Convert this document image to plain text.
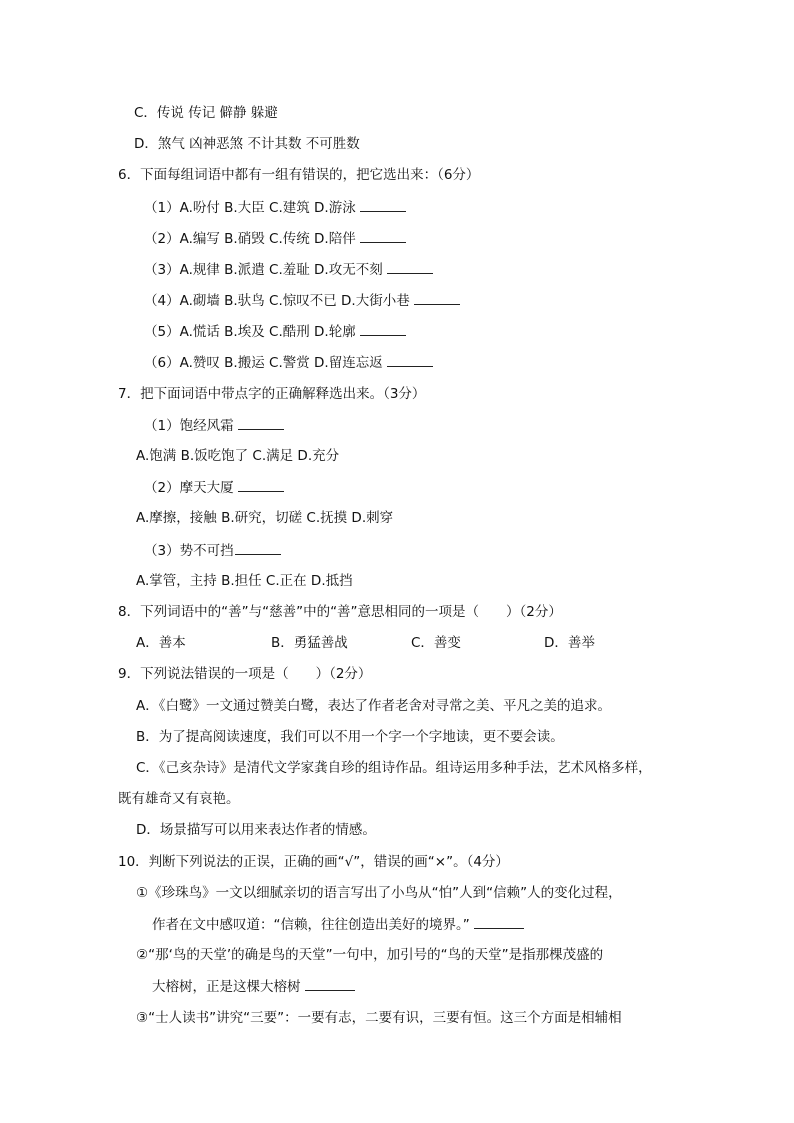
C．传说 传记 僻静 躲避
D．煞气 凶神恶煞 不计其数 不可胜数
6．下面每组词语中都有一组有错误的，把它选出来：（6分）
（1）A.吩付 B.大臣 C.建筑 D.游泳
（2）A.编写 B.硝毁 C.传统 D.陪伴
（3）A.规律 B.派遣 C.羞耻 D.攻无不刻
（4）A.砌墙 B.驮鸟 C.惊叹不已 D.大街小巷
（5）A.慌话 B.埃及 C.酷刑 D.轮廓
（6）A.赞叹 B.搬运 C.警赏 D.留连忘返
7．把下面词语中带点字的正确解释选出来。（3分）
（1）饱经风霜
A.饱满 B.饭吃饱了 C.满足 D.充分
（2）摩天大厦
A.摩擦，接触 B.研究，切磋 C.抚摸 D.刺穿
（3）势不可挡
A.掌管，主持 B.担任 C.正在 D.抵挡
8．下列词语中的“善”与“慈善”中的“善”意思相同的一项是（　　）（2分）
A．善本	B．勇猛善战	C．善变	D．善举
9．下列说法错误的一项是（　　）（2分）
A．《白鹭》一文通过赞美白鹭，表达了作者老舍对寻常之美、平凡之美的追求。
B．为了提高阅读速度，我们可以不用一个字一个字地读，更不要会读。
C．《己亥杂诗》是清代文学家龚自珍的组诗作品。组诗运用多种手法，艺术风格多样，
既有雄奇又有哀艳。
D．场景描写可以用来表达作者的情感。
10．判断下列说法的正误，正确的画“√”，错误的画“×”。（4分）
①《珍珠鸟》一文以细腻亲切的语言写出了小鸟从“怕”人到“信赖”人的变化过程，
作者在文中感叹道：“信赖，往往创造出美好的境界。”
②“那‘鸟的天堂’的确是鸟的天堂”一句中，加引号的“鸟的天堂”是指那棵茂盛的
大榕树，正是这棵大榕树
③“士人读书”讲究“三要”：一要有志，二要有识，三要有恒。这三个方面是相辅相
